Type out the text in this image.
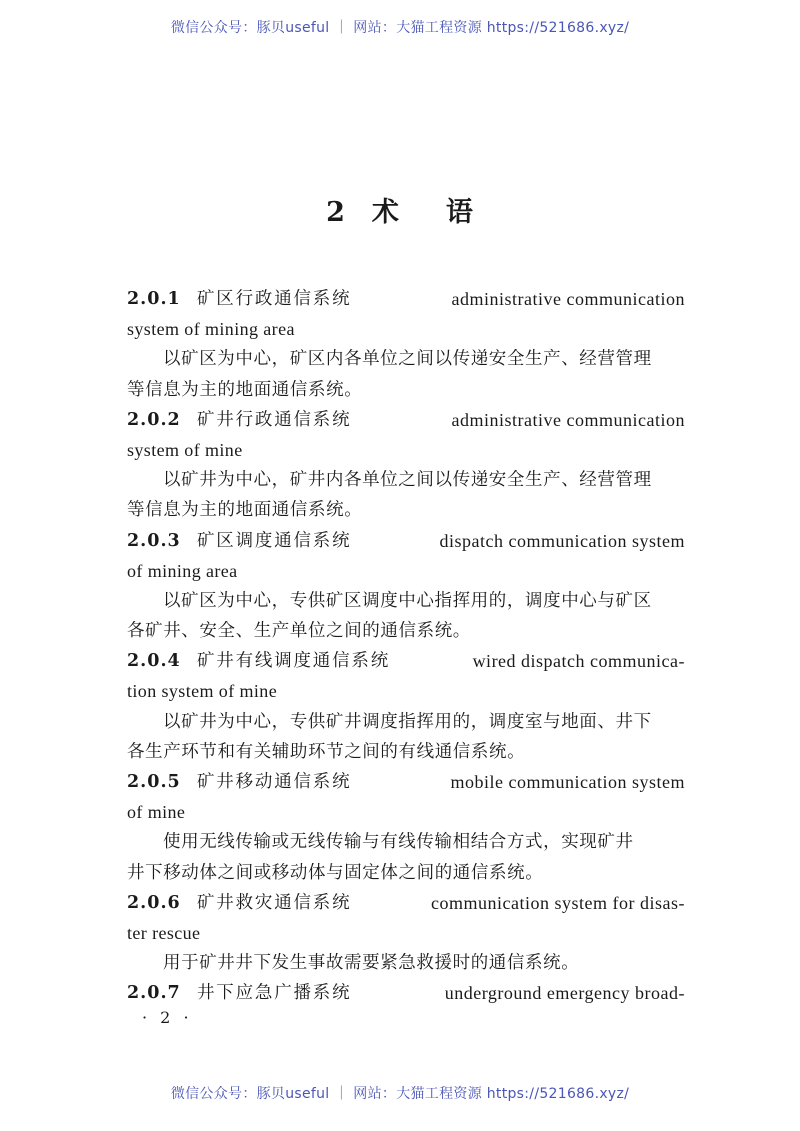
微信公众号：豚贝useful ｜ 网站：大猫工程资源 https://521686.xyz/
2 术 语
2.0.1 矿区行政通信系统	administrative communication
system of mining area
以矿区为中心，矿区内各单位之间以传递安全生产、经营管理
等信息为主的地面通信系统。
2.0.2 矿井行政通信系统	administrative communication
system of mine
以矿井为中心，矿井内各单位之间以传递安全生产、经营管理
等信息为主的地面通信系统。
2.0.3 矿区调度通信系统	dispatch communication system
of mining area
以矿区为中心，专供矿区调度中心指挥用的，调度中心与矿区
各矿井、安全、生产单位之间的通信系统。
2.0.4 矿井有线调度通信系统	wired dispatch communica-
tion system of mine
以矿井为中心，专供矿井调度指挥用的，调度室与地面、井下
各生产环节和有关辅助环节之间的有线通信系统。
2.0.5 矿井移动通信系统	mobile communication system
of mine
使用无线传输或无线传输与有线传输相结合方式，实现矿井
井下移动体之间或移动体与固定体之间的通信系统。
2.0.6 矿井救灾通信系统	communication system for disas-
ter rescue
用于矿井井下发生事故需要紧急救援时的通信系统。
2.0.7 井下应急广播系统	underground emergency broad-
· 2 ·
微信公众号：豚贝useful ｜ 网站：大猫工程资源 https://521686.xyz/
